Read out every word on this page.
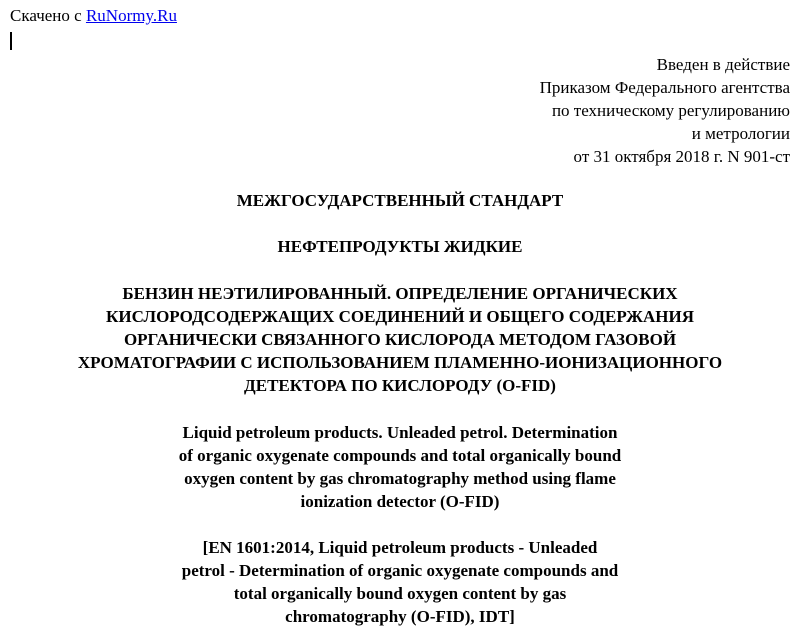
Скачено с RuNormy.Ru
Введен в действие
Приказом Федерального агентства
по техническому регулированию
и метрологии
от 31 октября 2018 г. N 901-ст
МЕЖГОСУДАРСТВЕННЫЙ СТАНДАРТ
НЕФТЕПРОДУКТЫ ЖИДКИЕ
БЕНЗИН НЕЭТИЛИРОВАННЫЙ. ОПРЕДЕЛЕНИЕ ОРГАНИЧЕСКИХ
КИСЛОРОДСОДЕРЖАЩИХ СОЕДИНЕНИЙ И ОБЩЕГО СОДЕРЖАНИЯ
ОРГАНИЧЕСКИ СВЯЗАННОГО КИСЛОРОДА МЕТОДОМ ГАЗОВОЙ
ХРОМАТОГРАФИИ С ИСПОЛЬЗОВАНИЕМ ПЛАМЕННО-ИОНИЗАЦИОННОГО
ДЕТЕКТОРА ПО КИСЛОРОДУ (O-FID)
Liquid petroleum products. Unleaded petrol. Determination
of organic oxygenate compounds and total organically bound
oxygen content by gas chromatography method using flame
ionization detector (O-FID)
[EN 1601:2014, Liquid petroleum products - Unleaded
petrol - Determination of organic oxygenate compounds and
total organically bound oxygen content by gas
chromatography (O-FID), IDT]
